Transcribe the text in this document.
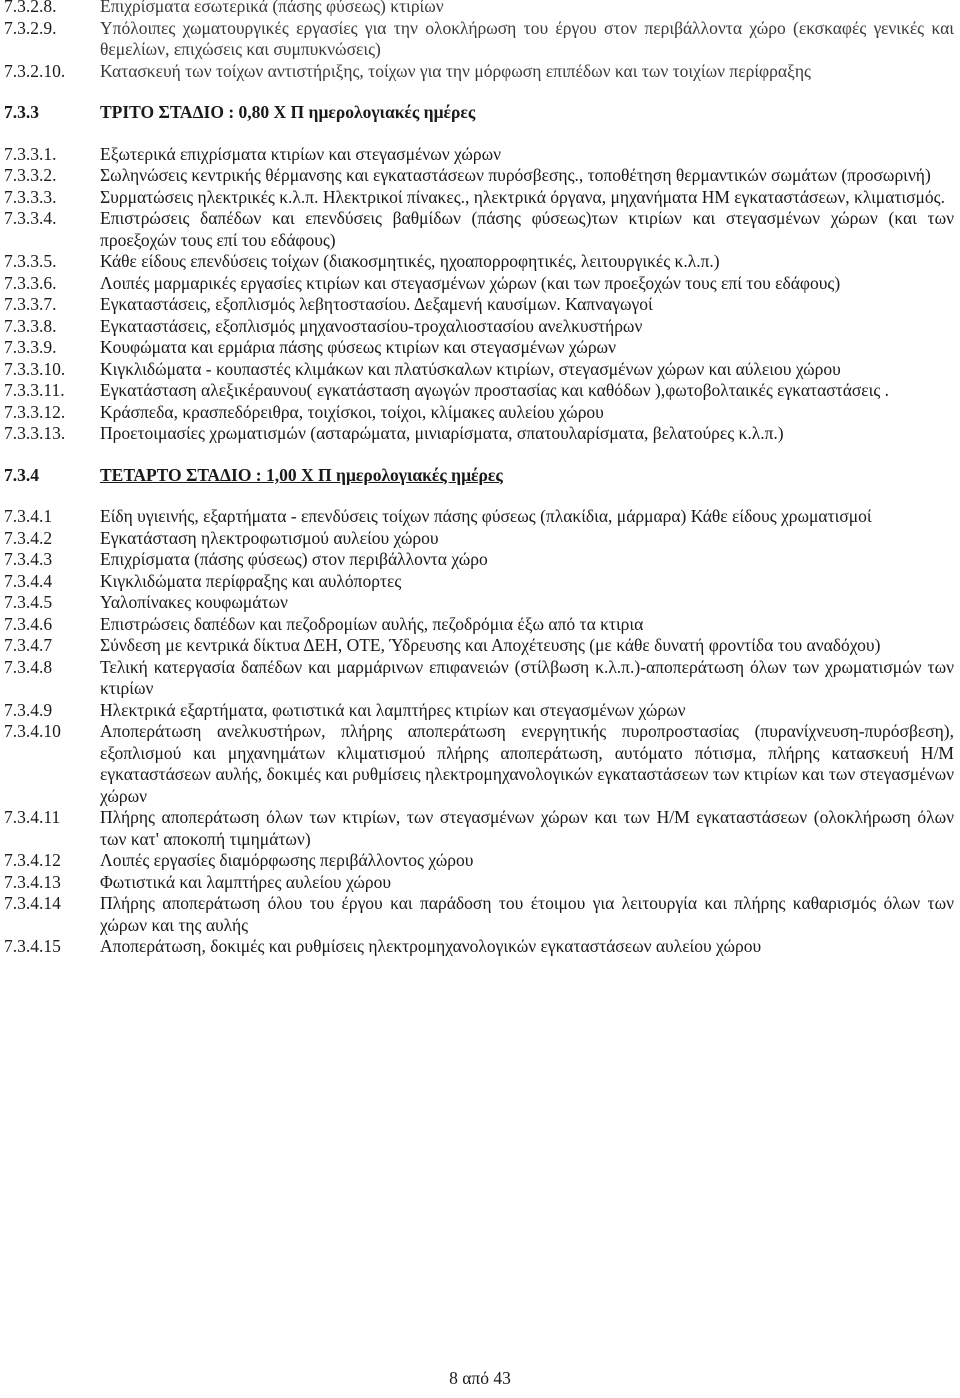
7.3.2.8.	Επιχρίσματα εσωτερικά (πάσης φύσεως) κτιρίων
7.3.2.9.	Υπόλοιπες χωματουργικές εργασίες για την ολοκλήρωση του έργου στον περιβάλλοντα χώρο (εκσκαφές γενικές και θεμελίων, επιχώσεις και συμπυκνώσεις)
7.3.2.10.	Κατασκευή των τοίχων αντιστήριξης, τοίχων για την μόρφωση επιπέδων και των τοιχίων περίφραξης
7.3.3	ΤΡΙΤΟ ΣΤΑΔΙΟ : 0,80 Χ Π ημερολογιακές ημέρες
7.3.3.1.	Εξωτερικά επιχρίσματα κτιρίων και στεγασμένων χώρων
7.3.3.2.	Σωληνώσεις κεντρικής θέρμανσης και εγκαταστάσεων πυρόσβεσης., τοποθέτηση θερμαντικών σωμάτων (προσωρινή)
7.3.3.3.	Συρματώσεις ηλεκτρικές κ.λ.π. Ηλεκτρικοί πίνακες., ηλεκτρικά όργανα, μηχανήματα ΗΜ εγκαταστάσεων, κλιματισμός.
7.3.3.4.	Επιστρώσεις δαπέδων και επενδύσεις βαθμίδων (πάσης φύσεως)των κτιρίων και στεγασμένων χώρων (και των προεξοχών τους επί του εδάφους)
7.3.3.5.	Κάθε είδους επενδύσεις τοίχων (διακοσμητικές, ηχοαπορροφητικές, λειτουργικές κ.λ.π.)
7.3.3.6.	Λοιπές μαρμαρικές εργασίες κτιρίων και στεγασμένων χώρων (και των προεξοχών τους επί του εδάφους)
7.3.3.7.	Εγκαταστάσεις, εξοπλισμός λεβητοστασίου. Δεξαμενή καυσίμων. Καπναγωγοί
7.3.3.8.	Εγκαταστάσεις, εξοπλισμός μηχανοστασίου-τροχαλιοστασίου ανελκυστήρων
7.3.3.9.	Κουφώματα και ερμάρια πάσης φύσεως κτιρίων και στεγασμένων χώρων
7.3.3.10.	Κιγκλιδώματα - κουπαστές κλιμάκων και πλατύσκαλων κτιρίων, στεγασμένων χώρων και αύλειου χώρου
7.3.3.11.	Εγκατάσταση αλεξικέραυνου( εγκατάσταση αγωγών προστασίας και καθόδων ),φωτοβολταικές εγκαταστάσεις .
7.3.3.12.	Κράσπεδα, κρασπεδόρειθρα, τοιχίσκοι, τοίχοι, κλίμακες αυλείου χώρου
7.3.3.13.	Προετοιμασίες χρωματισμών (ασταρώματα, μινιαρίσματα, σπατουλαρίσματα, βελατούρες κ.λ.π.)
7.3.4	ΤΕΤΑΡΤΟ ΣΤΑΔΙΟ : 1,00 Χ Π ημερολογιακές ημέρες
7.3.4.1	Είδη υγιεινής, εξαρτήματα - επενδύσεις τοίχων πάσης φύσεως (πλακίδια, μάρμαρα) Κάθε είδους χρωματισμοί
7.3.4.2	Εγκατάσταση ηλεκτροφωτισμού αυλείου χώρου
7.3.4.3	Επιχρίσματα (πάσης φύσεως) στον περιβάλλοντα χώρο
7.3.4.4	Κιγκλιδώματα περίφραξης και αυλόπορτες
7.3.4.5	Υαλοπίνακες κουφωμάτων
7.3.4.6	Επιστρώσεις δαπέδων και πεζοδρομίων αυλής, πεζοδρόμια έξω από τα κτιρια
7.3.4.7	Σύνδεση με κεντρικά δίκτυα ΔΕΗ, ΟΤΕ, Ύδρευσης και Αποχέτευσης (με κάθε δυνατή φροντίδα του αναδόχου)
7.3.4.8	Τελική κατεργασία δαπέδων και μαρμάρινων επιφανειών (στίλβωση κ.λ.π.)-αποπεράτωση όλων των χρωματισμών των κτιρίων
7.3.4.9	Ηλεκτρικά εξαρτήματα, φωτιστικά και λαμπτήρες κτιρίων και στεγασμένων χώρων
7.3.4.10	Αποπεράτωση ανελκυστήρων, πλήρης αποπεράτωση ενεργητικής πυροπροστασίας (πυρανίχνευση-πυρόσβεση), εξοπλισμού και μηχανημάτων κλιματισμού πλήρης αποπεράτωση, αυτόματο πότισμα, πλήρης κατασκευή Η/Μ εγκαταστάσεων αυλής, δοκιμές και ρυθμίσεις ηλεκτρομηχανολογικών εγκαταστάσεων των κτιρίων και των στεγασμένων χώρων
7.3.4.11	Πλήρης αποπεράτωση όλων των κτιρίων, των στεγασμένων χώρων και των Η/Μ εγκαταστάσεων (ολοκλήρωση όλων των κατ' αποκοπή τιμημάτων)
7.3.4.12	Λοιπές εργασίες διαμόρφωσης περιβάλλοντος χώρου
7.3.4.13	Φωτιστικά και λαμπτήρες αυλείου χώρου
7.3.4.14	Πλήρης αποπεράτωση όλου του έργου και παράδοση του έτοιμου για λειτουργία και πλήρης καθαρισμός όλων των χώρων και της αυλής
7.3.4.15	Αποπεράτωση, δοκιμές και ρυθμίσεις ηλεκτρομηχανολογικών εγκαταστάσεων αυλείου χώρου
8 από 43
